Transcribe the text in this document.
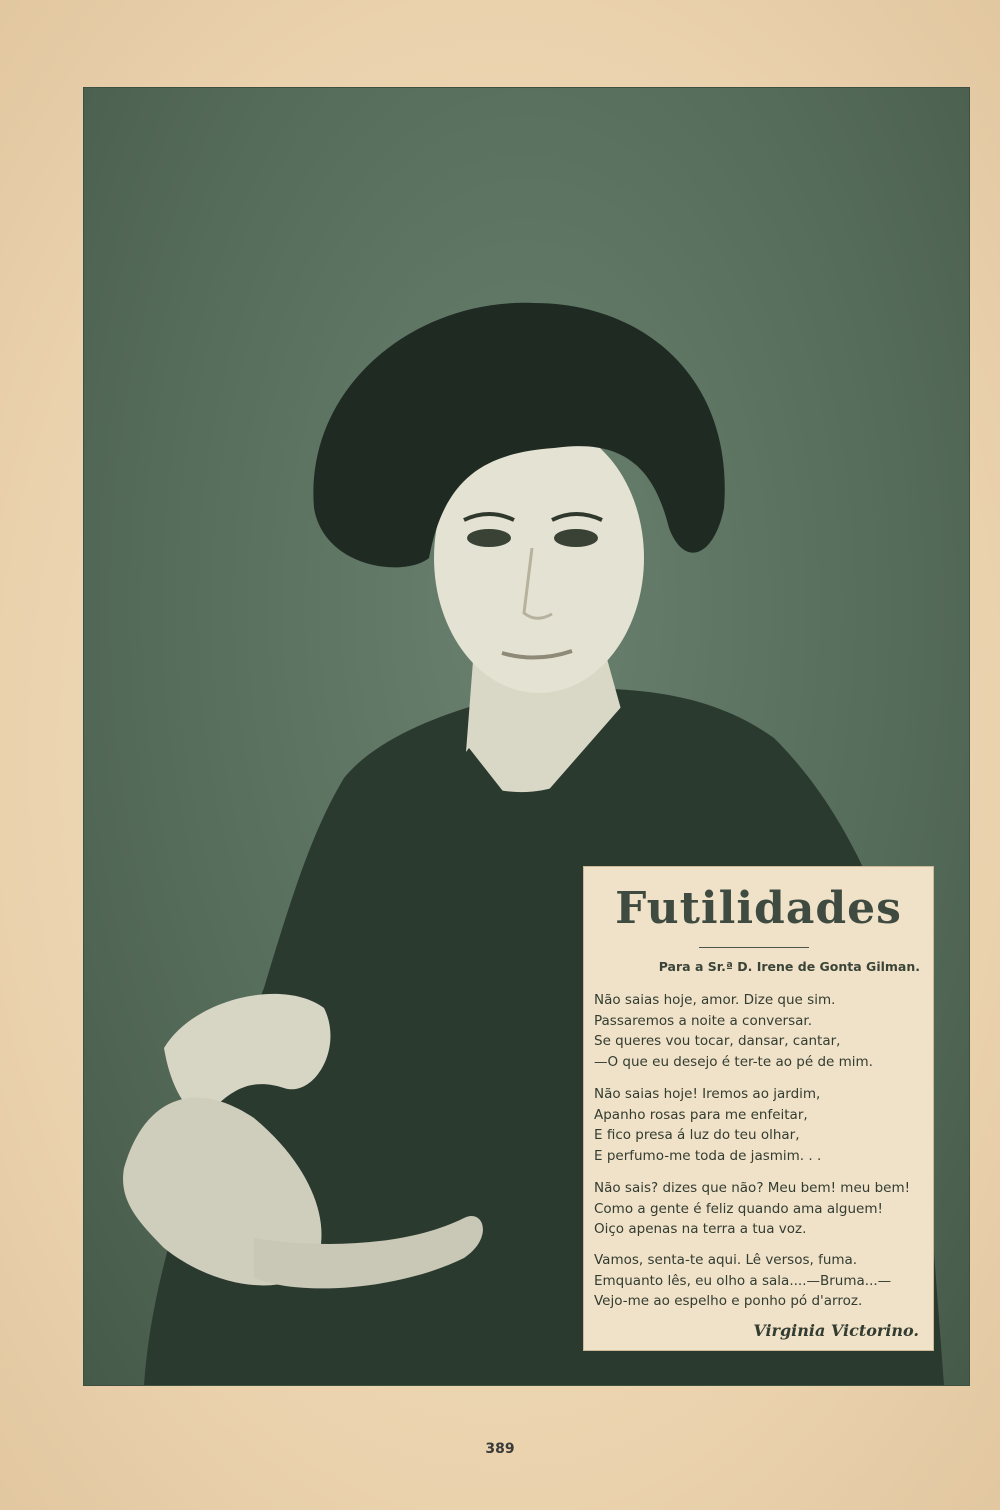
Futilidades
Para a Sr.ª D. Irene de Gonta Gilman.
Não saias hoje, amor. Dize que sim.
Passaremos a noite a conversar.
Se queres vou tocar, dansar, cantar,
—O que eu desejo é ter-te ao pé de mim.
Não saias hoje! Iremos ao jardim,
Apanho rosas para me enfeitar,
E fico presa á luz do teu olhar,
E perfumo-me toda de jasmim. . .
Não sais? dizes que não? Meu bem! meu bem!
Como a gente é feliz quando ama alguem!
Oiço apenas na terra a tua voz.
Vamos, senta-te aqui. Lê versos, fuma.
Emquanto lês, eu olho a sala....—Bruma...—
Vejo-me ao espelho e ponho pó d'arroz.
Virginia Victorino.
389
